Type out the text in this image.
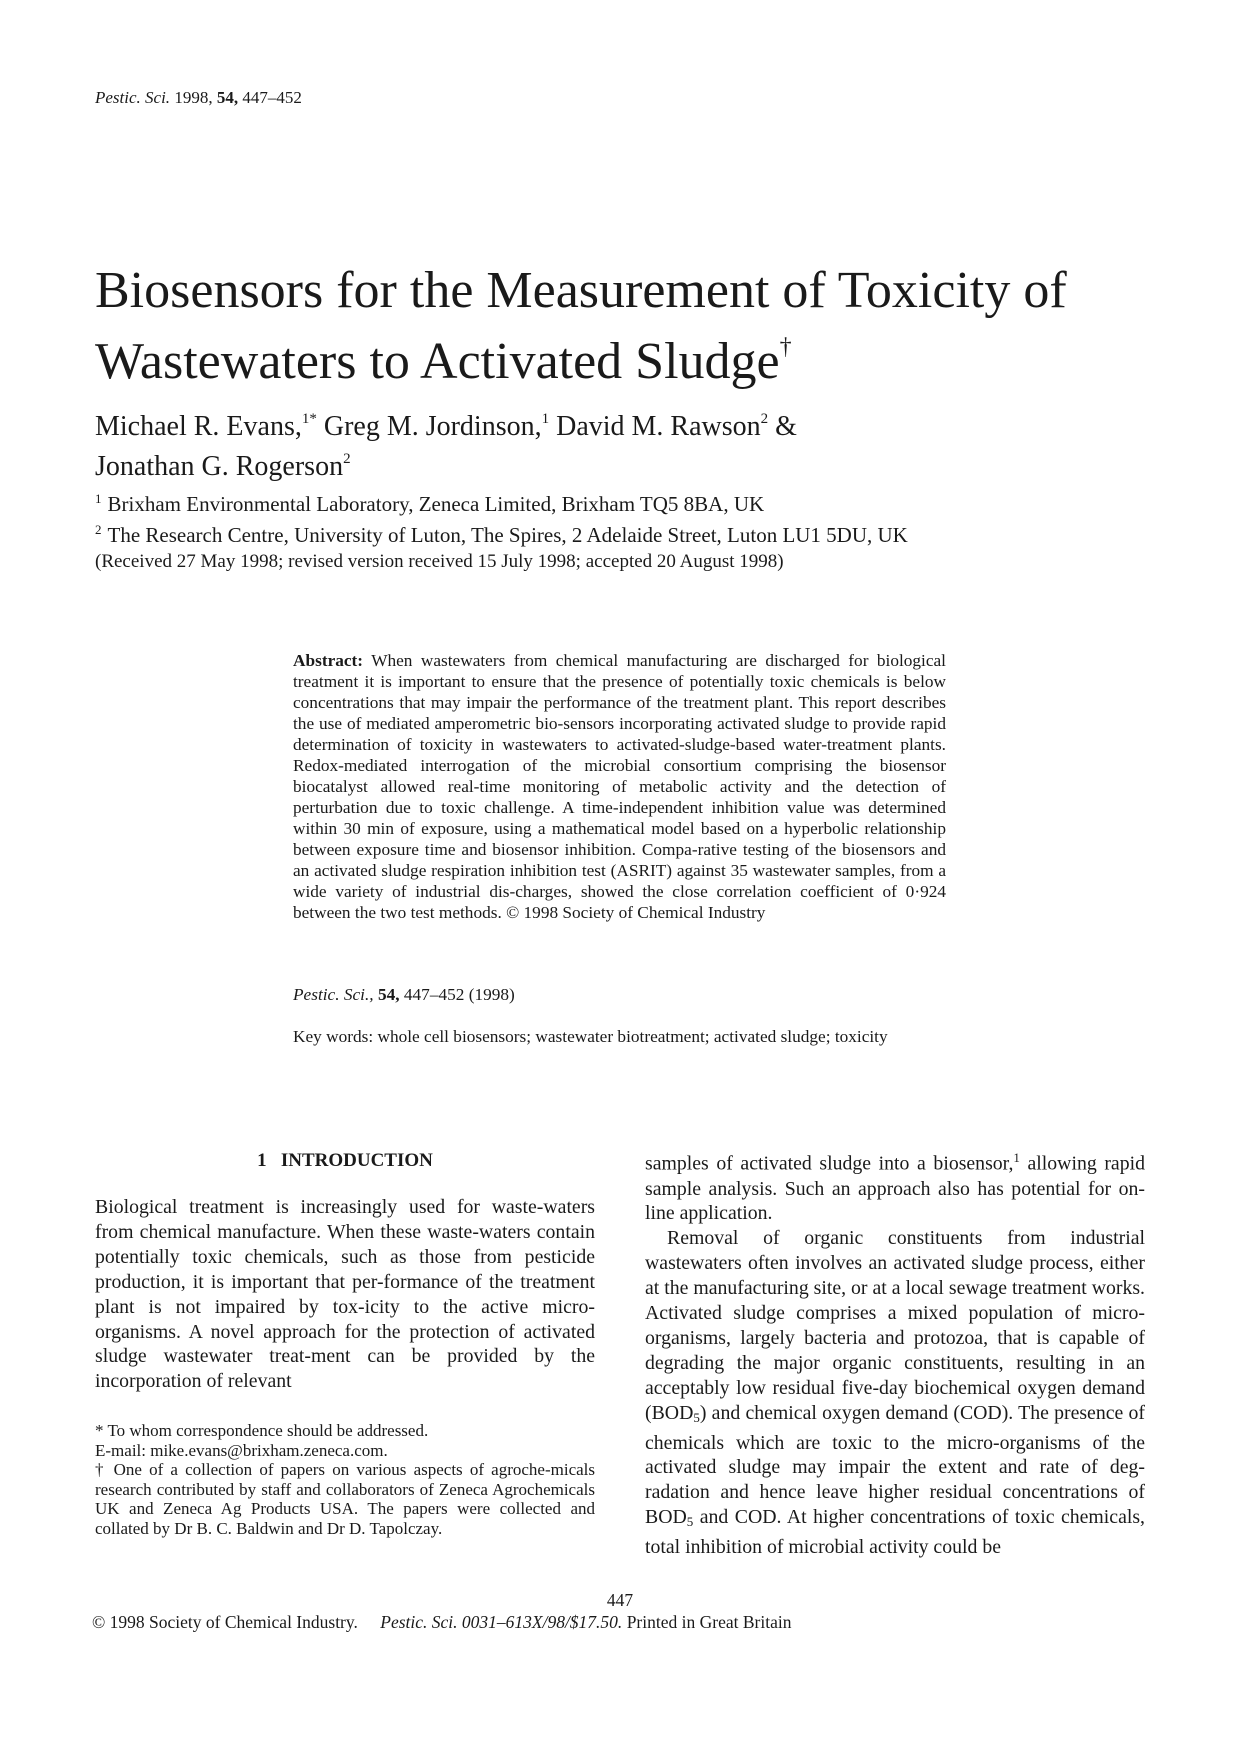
Pestic. Sci. 1998, 54, 447–452
Biosensors for the Measurement of Toxicity of Wastewaters to Activated Sludge†
Michael R. Evans,$^{1*}$ Greg M. Jordinson,$^1$ David M. Rawson$^2$ &
Jonathan G. Rogerson$^2$
$^1$ Brixham Environmental Laboratory, Zeneca Limited, Brixham TQ5 8BA, UK
$^2$ The Research Centre, University of Luton, The Spires, 2 Adelaide Street, Luton LU1 5DU, UK
(Received 27 May 1998; revised version received 15 July 1998; accepted 20 August 1998)
Abstract: When wastewaters from chemical manufacturing are discharged for biological treatment it is important to ensure that the presence of potentially toxic chemicals is below concentrations that may impair the performance of the treatment plant. This report describes the use of mediated amperometric bio-sensors incorporating activated sludge to provide rapid determination of toxicity in wastewaters to activated-sludge-based water-treatment plants. Redox-mediated interrogation of the microbial consortium comprising the biosensor biocatalyst allowed real-time monitoring of metabolic activity and the detection of perturbation due to toxic challenge. A time-independent inhibition value was determined within 30 min of exposure, using a mathematical model based on a hyperbolic relationship between exposure time and biosensor inhibition. Compa-rative testing of the biosensors and an activated sludge respiration inhibition test (ASRIT) against 35 wastewater samples, from a wide variety of industrial dis-charges, showed the close correlation coefficient of 0·924 between the two test methods. © 1998 Society of Chemical Industry
Pestic. Sci., 54, 447–452 (1998)
Key words: whole cell biosensors; wastewater biotreatment; activated sludge; toxicity
1   INTRODUCTION

Biological treatment is increasingly used for waste-waters from chemical manufacture. When these waste-waters contain potentially toxic chemicals, such as those from pesticide production, it is important that per-formance of the treatment plant is not impaired by tox-icity to the active micro-organisms. A novel approach for the protection of activated sludge wastewater treat-ment can be provided by the incorporation of relevant

* To whom correspondence should be addressed.

E-mail: mike.evans@brixham.zeneca.com.

† One of a collection of papers on various aspects of agroche-micals research contributed by staff and collaborators of Zeneca Agrochemicals UK and Zeneca Ag Products USA. The papers were collected and collated by Dr B. C. Baldwin and Dr D. Tapolczay.

samples of activated sludge into a biosensor,$^1$ allowing rapid sample analysis. Such an approach also has potential for on-line application.

Removal of organic constituents from industrial wastewaters often involves an activated sludge process, either at the manufacturing site, or at a local sewage treatment works. Activated sludge comprises a mixed population of micro-organisms, largely bacteria and protozoa, that is capable of degrading the major organic constituents, resulting in an acceptably low residual five-day biochemical oxygen demand $(BOD_5)$ and chemical oxygen demand (COD). The presence of chemicals which are toxic to the micro-organisms of the activated sludge may impair the extent and rate of deg-radation and hence leave higher residual concentrations of $BOD_5$ and COD. At higher concentrations of toxic chemicals, total inhibition of microbial activity could be

447
© 1998 Society of Chemical Industry. Pestic. Sci. 0031–613X/98/$17.50. Printed in Great Britain
